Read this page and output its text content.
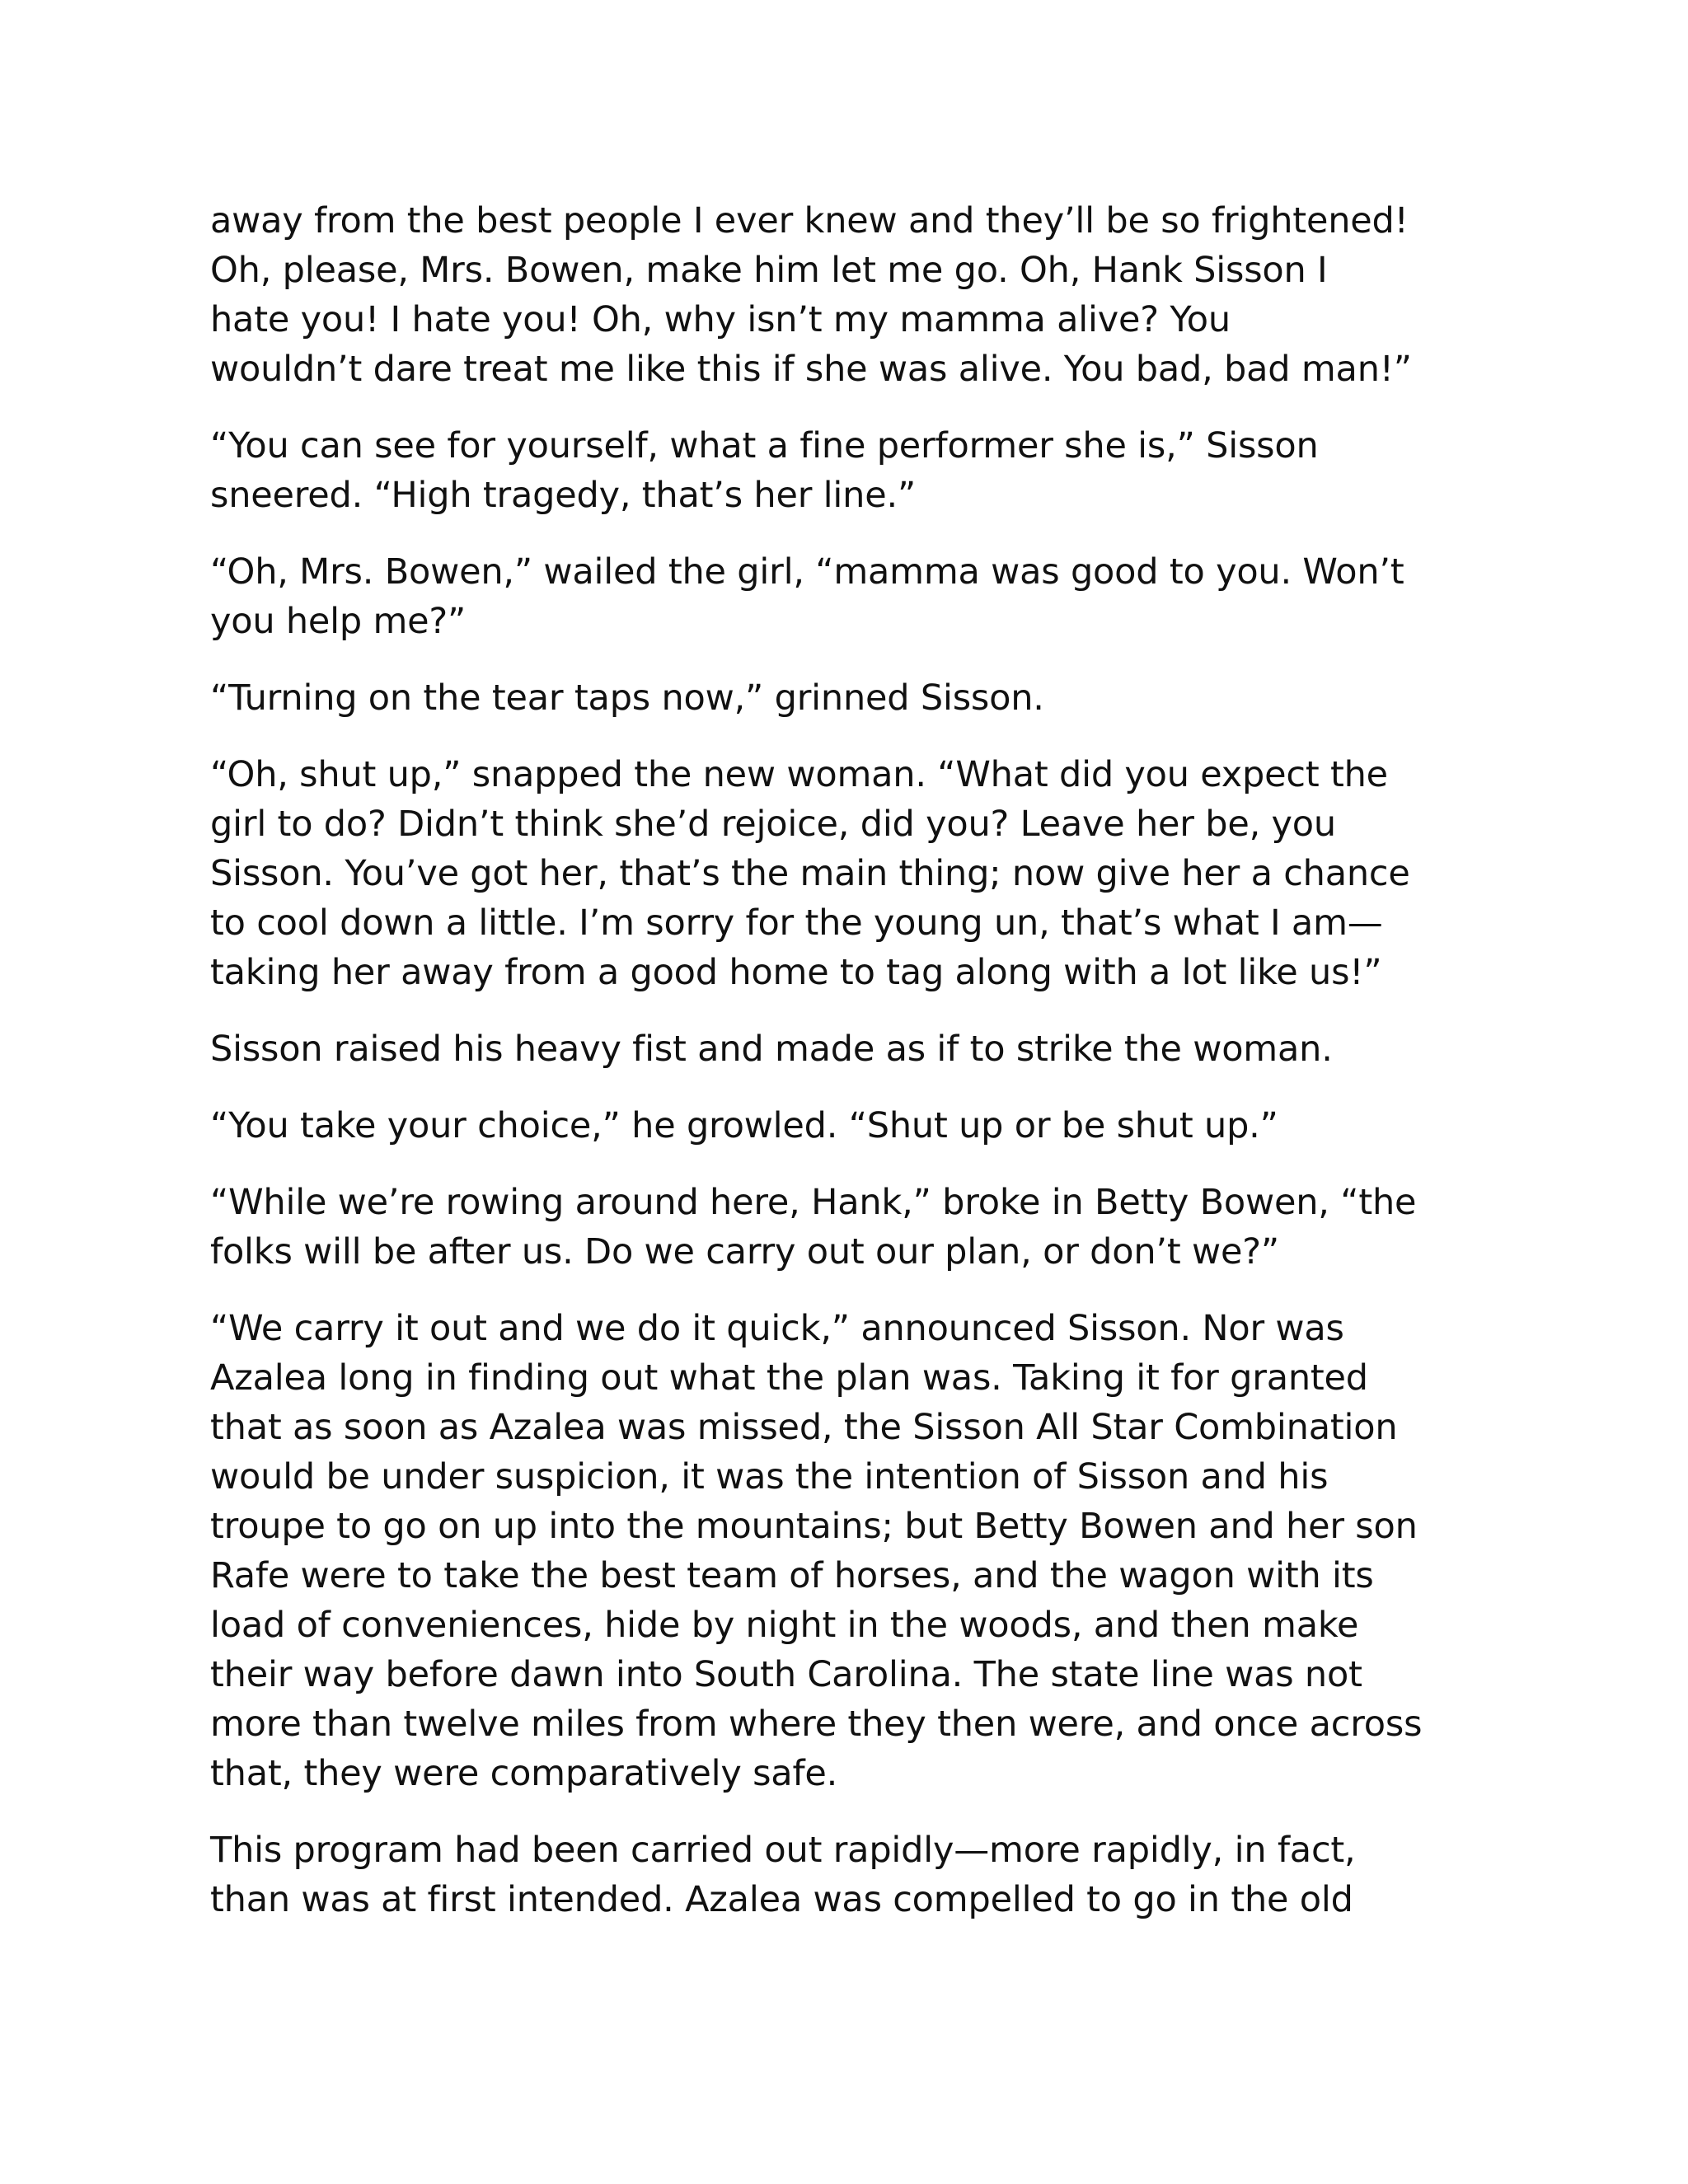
away from the best people I ever knew and they’ll be so frightened!
Oh, please, Mrs. Bowen, make him let me go. Oh, Hank Sisson I
hate you! I hate you! Oh, why isn’t my mamma alive? You
wouldn’t dare treat me like this if she was alive. You bad, bad man!”

“You can see for yourself, what a fine performer she is,” Sisson
sneered. “High tragedy, that’s her line.”

“Oh, Mrs. Bowen,” wailed the girl, “mamma was good to you. Won’t
you help me?”

“Turning on the tear taps now,” grinned Sisson.

“Oh, shut up,” snapped the new woman. “What did you expect the
girl to do? Didn’t think she’d rejoice, did you? Leave her be, you
Sisson. You’ve got her, that’s the main thing; now give her a chance
to cool down a little. I’m sorry for the young un, that’s what I am—
taking her away from a good home to tag along with a lot like us!”

Sisson raised his heavy fist and made as if to strike the woman.

“You take your choice,” he growled. “Shut up or be shut up.”

“While we’re rowing around here, Hank,” broke in Betty Bowen, “the
folks will be after us. Do we carry out our plan, or don’t we?”

“We carry it out and we do it quick,” announced Sisson. Nor was
Azalea long in finding out what the plan was. Taking it for granted
that as soon as Azalea was missed, the Sisson All Star Combination
would be under suspicion, it was the intention of Sisson and his
troupe to go on up into the mountains; but Betty Bowen and her son
Rafe were to take the best team of horses, and the wagon with its
load of conveniences, hide by night in the woods, and then make
their way before dawn into South Carolina. The state line was not
more than twelve miles from where they then were, and once across
that, they were comparatively safe.

This program had been carried out rapidly—more rapidly, in fact,
than was at first intended. Azalea was compelled to go in the old
